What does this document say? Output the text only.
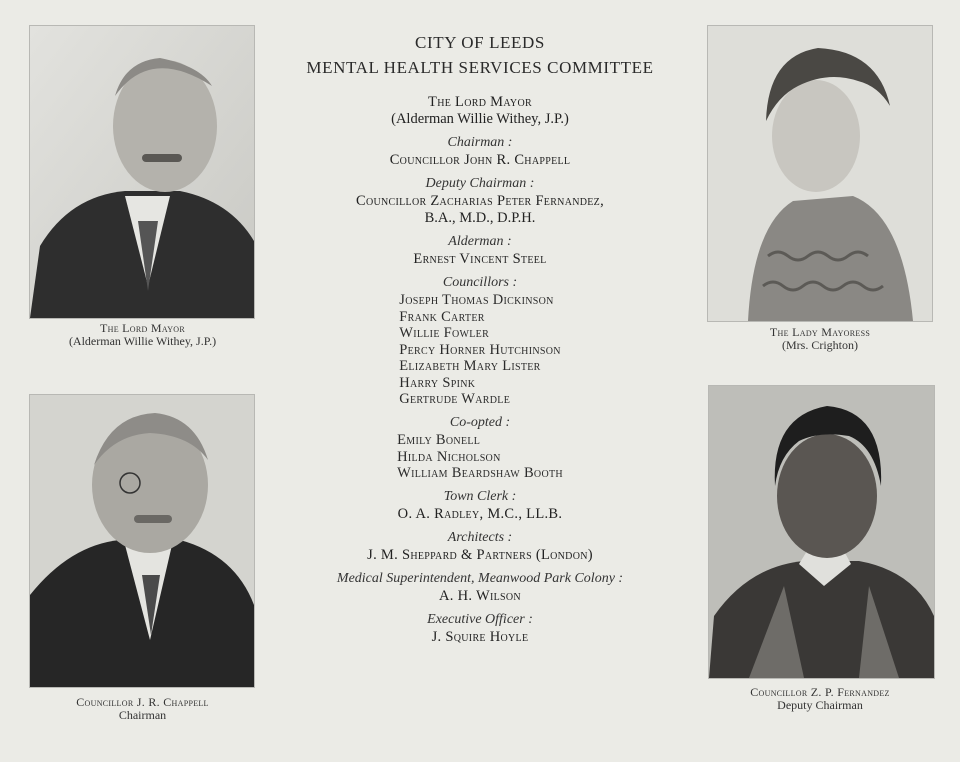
The Lord Mayor
(Alderman Willie Withey, J.P.)
The Lady Mayoress
(Mrs. Crighton)
Councillor J. R. Chappell
Chairman
Councillor Z. P. Fernandez
Deputy Chairman
CITY OF LEEDS
MENTAL HEALTH SERVICES COMMITTEE
The Lord Mayor
(Alderman Willie Withey, J.P.)
Chairman :
Councillor John R. Chappell
Deputy Chairman :
Councillor Zacharias Peter Fernandez,
B.A., M.D., D.P.H.
Alderman :
Ernest Vincent Steel
Councillors :
Joseph Thomas Dickinson
Frank Carter
Willie Fowler
Percy Horner Hutchinson
Elizabeth Mary Lister
Harry Spink
Gertrude Wardle
Co-opted :
Emily Bonell
Hilda Nicholson
William Beardshaw Booth
Town Clerk :
O. A. Radley, M.C., LL.B.
Architects :
J. M. Sheppard & Partners (London)
Medical Superintendent, Meanwood Park Colony :
A. H. Wilson
Executive Officer :
J. Squire Hoyle
